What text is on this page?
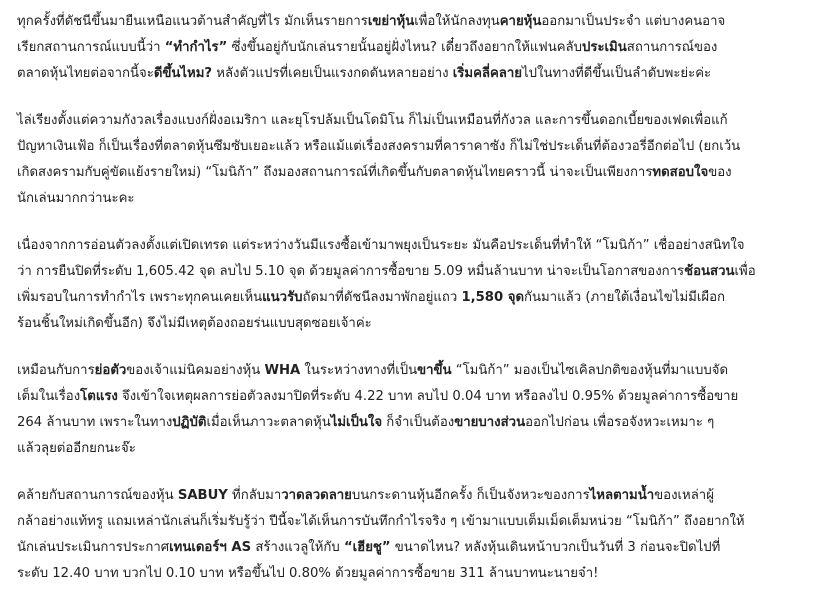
ทุกครั้งที่ดัชนีขึ้นมายืนเหนือแนวต้านสำคัญที่ไร มักเห็นรายการเขย่าหุ้นเพื่อให้นักลงทุนคายหุ้นออกมาเป็นประจำ แต่บางคนอาจ
เรียกสถานการณ์แบบนี้ว่า “ทำกำไร” ซึ่งขึ้นอยู่กับนักเล่นรายนั้นอยู่ฝั่งไหน? เดี๋ยวถึงอยากให้แฟนคลับประเมินสถานการณ์ของ
ตลาดหุ้นไทยต่อจากนี้จะดีขึ้นไหม? หลังตัวแปรที่เคยเป็นแรงกดดันหลายอย่าง เริ่มคลี่คลายไปในทางที่ดีขึ้นเป็นลำดับพะย่ะค่ะ

ไล่เรียงตั้งแต่ความกังวลเรื่องแบงก์ฝั่งอเมริกา และยุโรปล้มเป็นโดมิโน ก็ไม่เป็นเหมือนที่กังวล และการขึ้นดอกเบี้ยของเฟดเพื่อแก้
ปัญหาเงินเฟ้อ ก็เป็นเรื่องที่ตลาดหุ้นซึมซับเยอะแล้ว หรือแม้แต่เรื่องสงครามที่คาราคาซัง ก็ไม่ใช่ประเด็นที่ต้องวอรี่อีกต่อไป (ยกเว้น
เกิดสงครามกับคู่ขัดแย้งรายใหม่) “โมนิก้า” ถึงมองสถานการณ์ที่เกิดขึ้นกับตลาดหุ้นไทยคราวนี้ น่าจะเป็นเพียงการทดสอบใจของ
นักเล่นมากกว่านะคะ

เนื่องจากการอ่อนตัวลงตั้งแต่เปิดเทรด แต่ระหว่างวันมีแรงซื้อเข้ามาพยุงเป็นระยะ มันคือประเด็นที่ทำให้ “โมนิก้า” เชื่ออย่างสนิทใจ
ว่า การยืนปิดที่ระดับ 1,605.42 จุด ลบไป 5.10 จุด ด้วยมูลค่าการซื้อขาย 5.09 หมื่นล้านบาท น่าจะเป็นโอกาสของการช้อนสวนเพื่อ
เพิ่มรอบในการทำกำไร เพราะทุกคนเคยเห็นแนวรับถัดมาที่ดัชนีลงมาพักอยู่แถว 1,580 จุดกันมาแล้ว (ภายใต้เงื่อนไขไม่มีเผือก
ร้อนชิ้นใหม่เกิดขึ้นอีก) จึงไม่มีเหตุต้องถอยร่นแบบสุดซอยเจ้าค่ะ

เหมือนกับการย่อตัวของเจ้าแม่นิคมอย่างหุ้น WHA ในระหว่างทางที่เป็นขาขึ้น “โมนิก้า” มองเป็นไซเคิลปกติของหุ้นที่มาแบบจัด
เต็มในเรื่องโตแรง จึงเข้าใจเหตุผลการย่อตัวลงมาปิดที่ระดับ 4.22 บาท ลบไป 0.04 บาท หรือลงไป 0.95% ด้วยมูลค่าการซื้อขาย
264 ล้านบาท เพราะในทางปฏิบัติเมื่อเห็นภาวะตลาดหุ้นไม่เป็นใจ ก็จำเป็นต้องขายบางส่วนออกไปก่อน เพื่อรอจังหวะเหมาะ ๆ
แล้วลุยต่ออีกยกนะจ๊ะ

คล้ายกับสถานการณ์ของหุ้น SABUY ที่กลับมาวาดลวดลายบนกระดานหุ้นอีกครั้ง ก็เป็นจังหวะของการไหลตามน้ำของเหล่าผู้
กล้าอย่างแท้ทรู แถมเหล่านักเล่นก็เริ่มรับรู้ว่า ปีนี้จะได้เห็นการบันทึกกำไรจริง ๆ เข้ามาแบบเต็มเม็ดเต็มหน่วย “โมนิก้า” ถึงอยากให้
นักเล่นประเมินการประกาศเทนเดอร์ฯ AS สร้างแวลูให้กับ “เฮียชู” ขนาดไหน? หลังหุ้นเดินหน้าบวกเป็นวันที่ 3 ก่อนจะปิดไปที่
ระดับ 12.40 บาท บวกไป 0.10 บาท หรือขึ้นไป 0.80% ด้วยมูลค่าการซื้อขาย 311 ล้านบาทนะนายจ๋า!
